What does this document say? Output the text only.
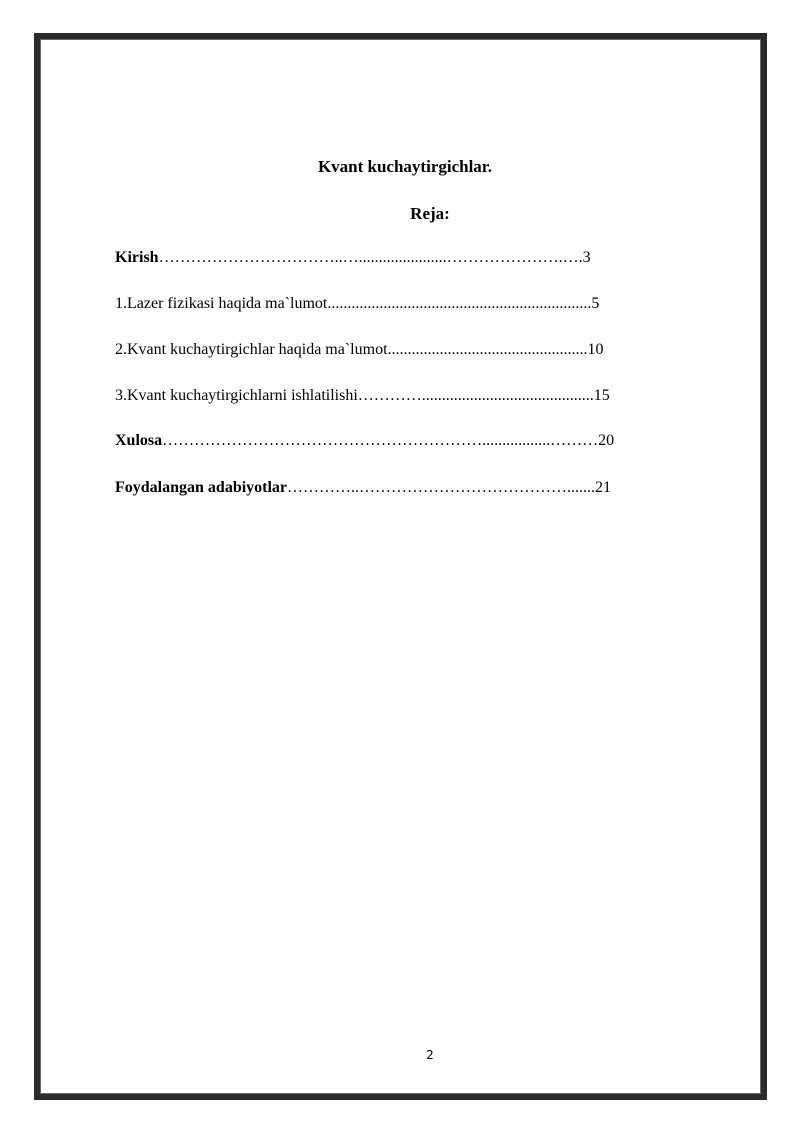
Kvant kuchaytirgichlar.
Reja:
Kirish……………………………..…......................………………….….3
1.Lazer fizikasi haqida ma`lumot..................................................................5
2.Kvant kuchaytirgichlar haqida ma`lumot..................................................10
3.Kvant kuchaytirgichlarni ishlatilishi…………...........................................15
Xulosa…………………………………………………….................………20
Foydalangan adabiyotlar…………..………………………………….......21
2
